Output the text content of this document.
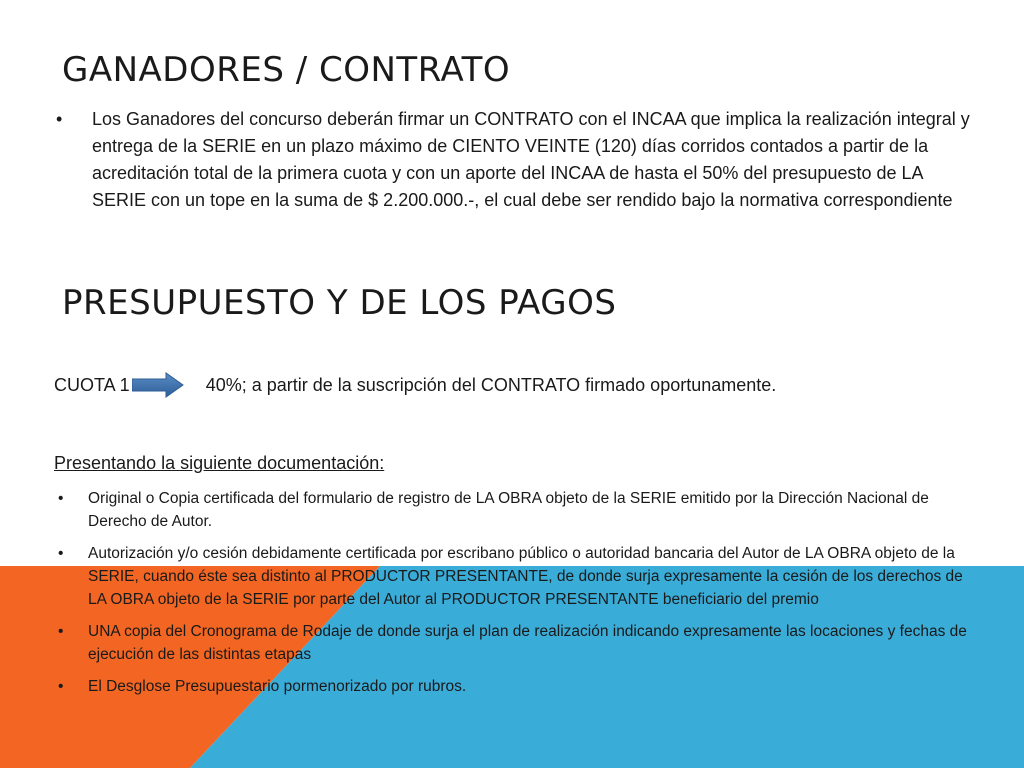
GANADORES / CONTRATO
• Los Ganadores del concurso deberán firmar un CONTRATO con el INCAA que implica la realización integral y entrega de la SERIE en un plazo máximo de CIENTO VEINTE (120) días corridos contados a partir de la acreditación total de la primera cuota y con un aporte del INCAA de hasta el 50% del presupuesto de LA SERIE con un tope en la suma de $ 2.200.000.-, el cual debe ser rendido bajo la normativa correspondiente
PRESUPUESTO Y DE LOS PAGOS
CUOTA 1	40%; a partir de la suscripción del CONTRATO firmado oportunamente.
Presentando la siguiente documentación:
• Original o Copia certificada del formulario de registro de LA OBRA objeto de la SERIE emitido por la Dirección Nacional de Derecho de Autor.
• Autorización y/o cesión debidamente certificada por escribano público o autoridad bancaria del Autor de LA OBRA objeto de la SERIE, cuando éste sea distinto al PRODUCTOR PRESENTANTE, de donde surja expresamente la cesión de los derechos de LA OBRA objeto de la SERIE por parte del Autor al PRODUCTOR PRESENTANTE beneficiario del premio
• UNA copia del Cronograma de Rodaje de donde surja el plan de realización indicando expresamente las locaciones y fechas de ejecución de las distintas etapas
• El Desglose Presupuestario pormenorizado por rubros.
